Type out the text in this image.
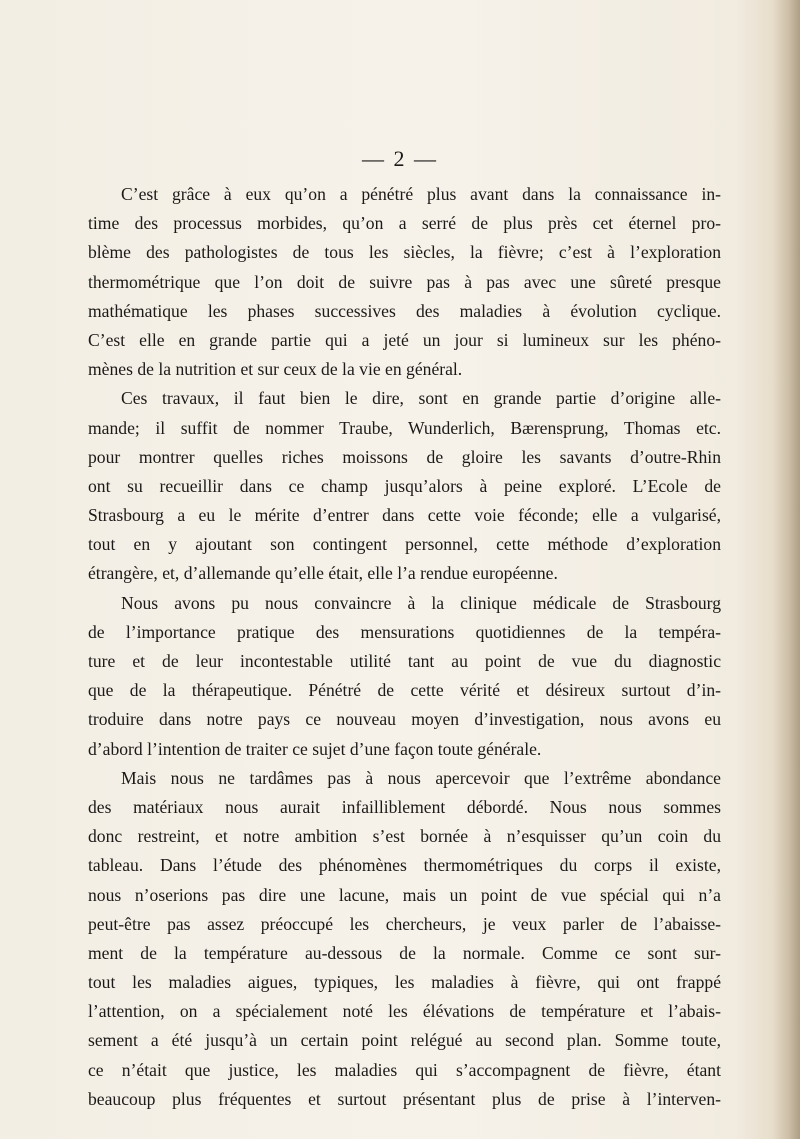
— 2 —
C’est grâce à eux qu’on a pénétré plus avant dans la connaissance in-
time des processus morbides, qu’on a serré de plus près cet éternel pro-
blème des pathologistes de tous les siècles, la fièvre; c’est à l’exploration
thermométrique que l’on doit de suivre pas à pas avec une sûreté presque
mathématique les phases successives des maladies à évolution cyclique.
C’est elle en grande partie qui a jeté un jour si lumineux sur les phéno-
mènes de la nutrition et sur ceux de la vie en général.
Ces travaux, il faut bien le dire, sont en grande partie d’origine alle-
mande; il suffit de nommer Traube, Wunderlich, Bærensprung, Thomas etc.
pour montrer quelles riches moissons de gloire les savants d’outre-Rhin
ont su recueillir dans ce champ jusqu’alors à peine exploré. L’Ecole de
Strasbourg a eu le mérite d’entrer dans cette voie féconde; elle a vulgarisé,
tout en y ajoutant son contingent personnel, cette méthode d’exploration
étrangère, et, d’allemande qu’elle était, elle l’a rendue européenne.
Nous avons pu nous convaincre à la clinique médicale de Strasbourg
de l’importance pratique des mensurations quotidiennes de la tempéra-
ture et de leur incontestable utilité tant au point de vue du diagnostic
que de la thérapeutique. Pénétré de cette vérité et désireux surtout d’in-
troduire dans notre pays ce nouveau moyen d’investigation, nous avons eu
d’abord l’intention de traiter ce sujet d’une façon toute générale.
Mais nous ne tardâmes pas à nous apercevoir que l’extrême abondance
des matériaux nous aurait infailliblement débordé. Nous nous sommes
donc restreint, et notre ambition s’est bornée à n’esquisser qu’un coin du
tableau. Dans l’étude des phénomènes thermométriques du corps il existe,
nous n’oserions pas dire une lacune, mais un point de vue spécial qui n’a
peut-être pas assez préoccupé les chercheurs, je veux parler de l’abaisse-
ment de la température au-dessous de la normale. Comme ce sont sur-
tout les maladies aigues, typiques, les maladies à fièvre, qui ont frappé
l’attention, on a spécialement noté les élévations de température et l’abais-
sement a été jusqu’à un certain point relégué au second plan. Somme toute,
ce n’était que justice, les maladies qui s’accompagnent de fièvre, étant
beaucoup plus fréquentes et surtout présentant plus de prise à l’interven-
